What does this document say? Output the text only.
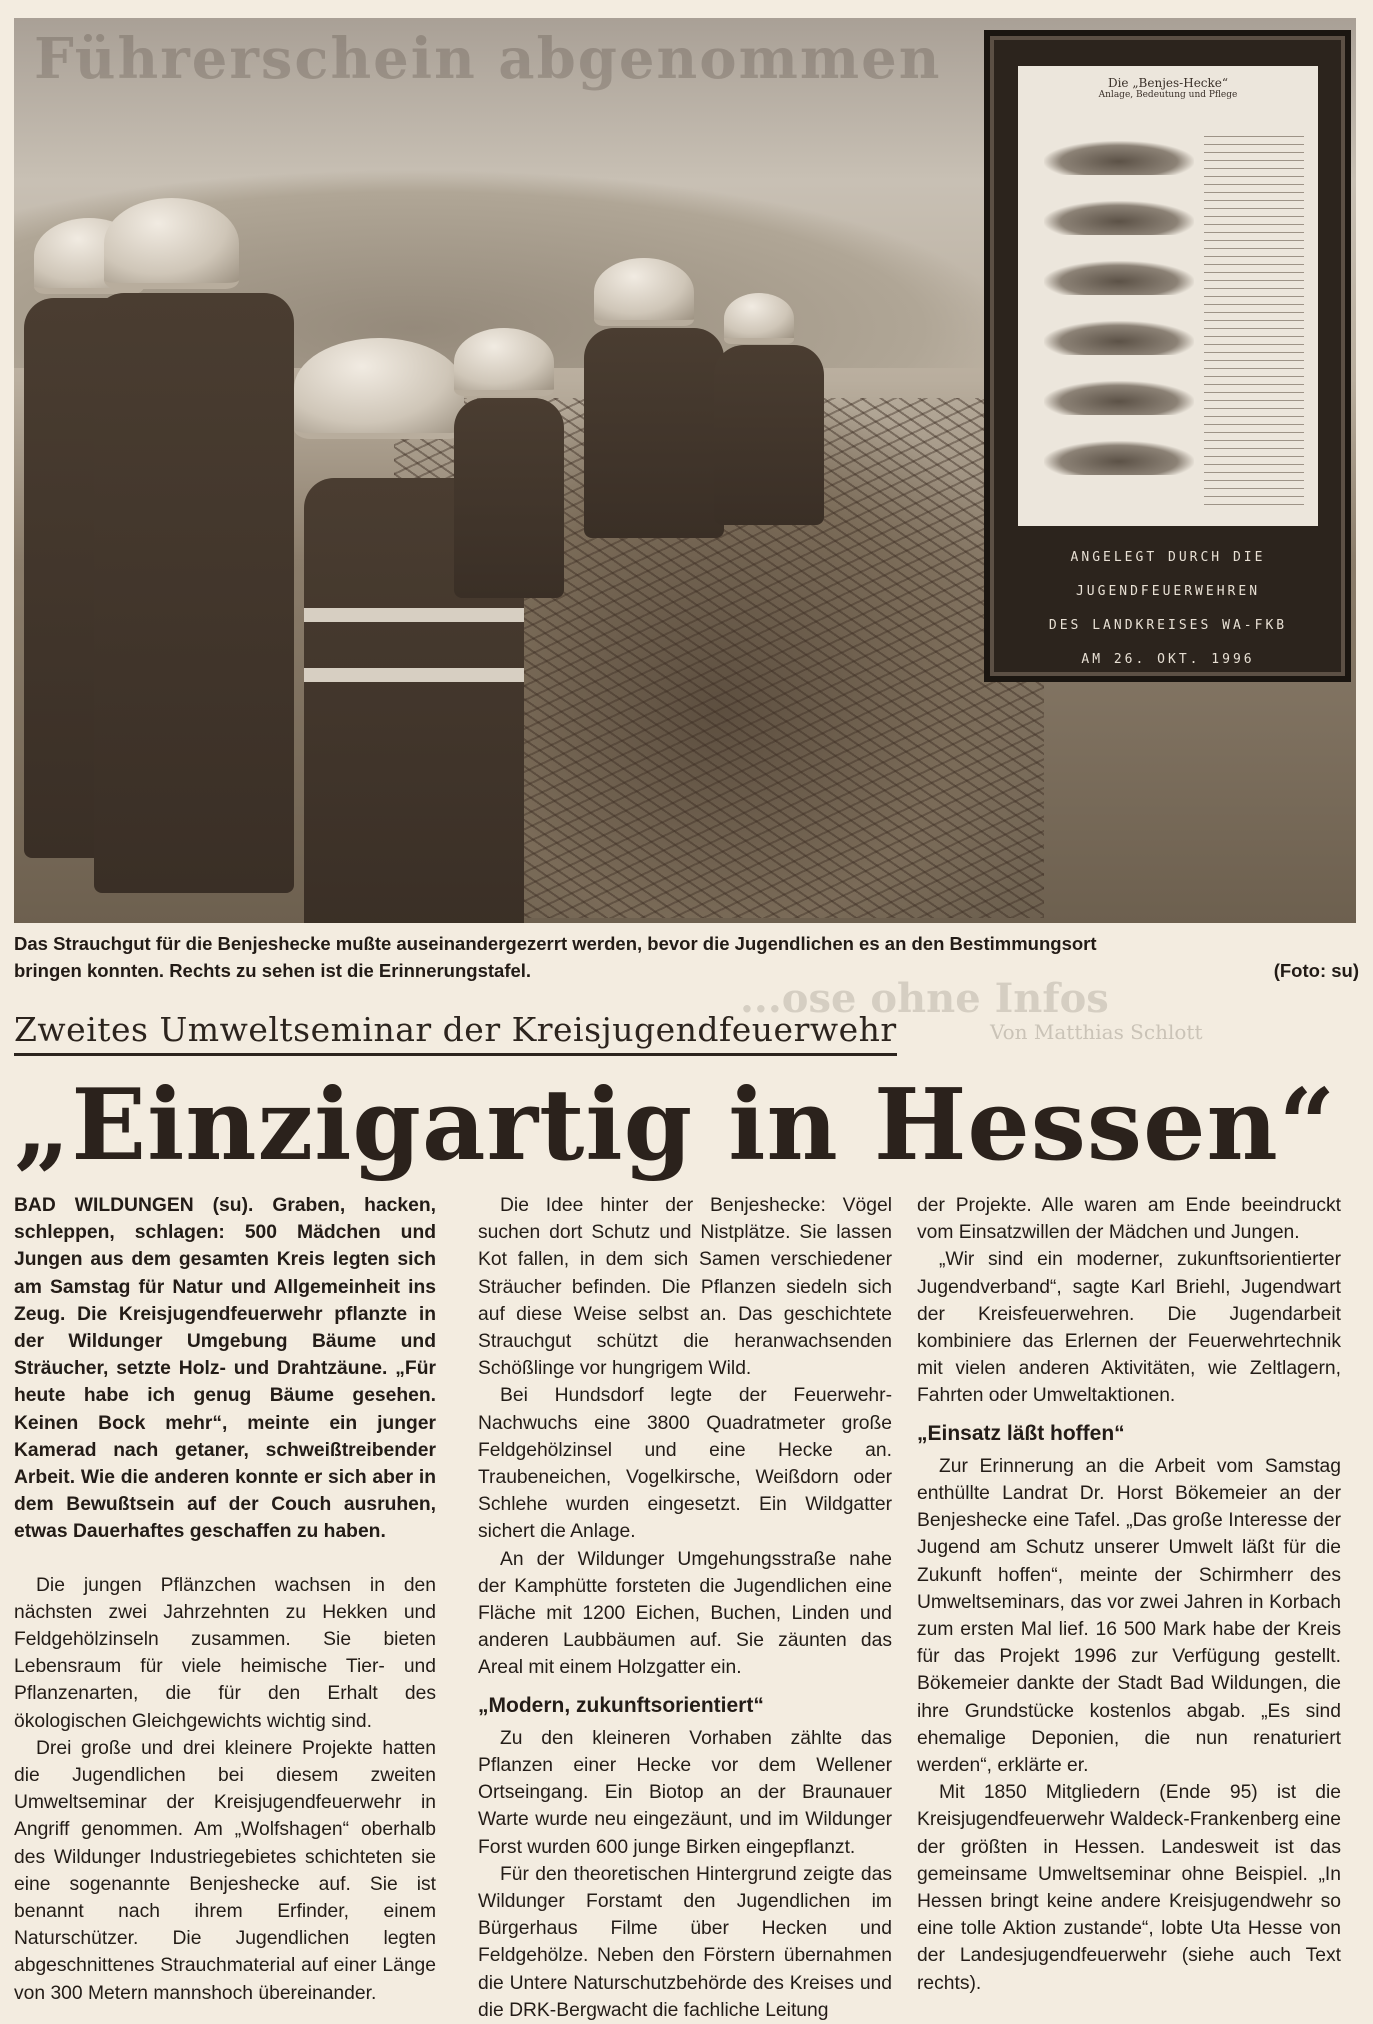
Führerschein abgenommen	Die „Benjes-Hecke“
Anlage, Bedeutung und Pflege
ANGELEGT DURCH DIE
JUGENDFEUERWEHREN
DES LANDKREISES WA-FKB
AM 26. OKT. 1996
Das Strauchgut für die Benjeshecke mußte auseinandergezerrt werden, bevor die Jugendlichen es an den Bestimmungsort
bringen konnten. Rechts zu sehen ist die Erinnerungstafel.	(Foto: su)
...ose ohne Infos
Von Matthias Schlott
Zweites Umweltseminar der Kreisjugendfeuerwehr
„Einzigartig in Hessen“

BAD WILDUNGEN (su). Graben, hacken, schleppen, schlagen: 500 Mädchen und Jungen aus dem gesamten Kreis legten sich am Samstag für Natur und Allgemeinheit ins Zeug. Die Kreisjugendfeuerwehr pflanzte in der Wildunger Umgebung Bäume und Sträucher, setzte Holz- und Drahtzäune. „Für heute habe ich genug Bäume gesehen. Keinen Bock mehr“, meinte ein junger Kamerad nach getaner, schweißtreibender Arbeit. Wie die anderen konnte er sich aber in dem Bewußtsein auf der Couch ausruhen, etwas Dauerhaftes geschaffen zu haben.

Die jungen Pflänzchen wachsen in den nächsten zwei Jahrzehnten zu Hekken und Feldgehölzinseln zusammen. Sie bieten Lebensraum für viele heimische Tier- und Pflanzenarten, die für den Erhalt des ökologischen Gleichgewichts wichtig sind.

Drei große und drei kleinere Projekte hatten die Jugendlichen bei diesem zweiten Umweltseminar der Kreisjugendfeuerwehr in Angriff genommen. Am „Wolfshagen“ oberhalb des Wildunger Industriegebietes schichteten sie eine sogenannte Benjeshecke auf. Sie ist benannt nach ihrem Erfinder, einem Naturschützer. Die Jugendlichen legten abgeschnittenes Strauchmaterial auf einer Länge von 300 Metern mannshoch übereinander.

Die Idee hinter der Benjeshecke: Vögel suchen dort Schutz und Nistplätze. Sie lassen Kot fallen, in dem sich Samen verschiedener Sträucher befinden. Die Pflanzen siedeln sich auf diese Weise selbst an. Das geschichtete Strauchgut schützt die heranwachsenden Schößlinge vor hungrigem Wild.

Bei Hundsdorf legte der Feuerwehr-Nachwuchs eine 3800 Quadratmeter große Feldgehölzinsel und eine Hecke an. Traubeneichen, Vogelkirsche, Weißdorn oder Schlehe wurden eingesetzt. Ein Wildgatter sichert die Anlage.

An der Wildunger Umgehungsstraße nahe der Kamphütte forsteten die Jugendlichen eine Fläche mit 1200 Eichen, Buchen, Linden und anderen Laubbäumen auf. Sie zäunten das Areal mit einem Holzgatter ein.

„Modern, zukunftsorientiert“

Zu den kleineren Vorhaben zählte das Pflanzen einer Hecke vor dem Wellener Ortseingang. Ein Biotop an der Braunauer Warte wurde neu eingezäunt, und im Wildunger Forst wurden 600 junge Birken eingepflanzt.

Für den theoretischen Hintergrund zeigte das Wildunger Forstamt den Jugendlichen im Bürgerhaus Filme über Hecken und Feldgehölze. Neben den Förstern übernahmen die Untere Naturschutzbehörde des Kreises und die DRK-Bergwacht die fachliche Leitung

der Projekte. Alle waren am Ende beeindruckt vom Einsatzwillen der Mädchen und Jungen.

„Wir sind ein moderner, zukunftsorientierter Jugendverband“, sagte Karl Briehl, Jugendwart der Kreisfeuerwehren. Die Jugendarbeit kombiniere das Erlernen der Feuerwehrtechnik mit vielen anderen Aktivitäten, wie Zeltlagern, Fahrten oder Umweltaktionen.

„Einsatz läßt hoffen“

Zur Erinnerung an die Arbeit vom Samstag enthüllte Landrat Dr. Horst Bökemeier an der Benjeshecke eine Tafel. „Das große Interesse der Jugend am Schutz unserer Umwelt läßt für die Zukunft hoffen“, meinte der Schirmherr des Umweltseminars, das vor zwei Jahren in Korbach zum ersten Mal lief. 16 500 Mark habe der Kreis für das Projekt 1996 zur Verfügung gestellt. Bökemeier dankte der Stadt Bad Wildungen, die ihre Grundstücke kostenlos abgab. „Es sind ehemalige Deponien, die nun renaturiert werden“, erklärte er.

Mit 1850 Mitgliedern (Ende 95) ist die Kreisjugendfeuerwehr Waldeck-Frankenberg eine der größten in Hessen. Landesweit ist das gemeinsame Umweltseminar ohne Beispiel. „In Hessen bringt keine andere Kreisjugendwehr so eine tolle Aktion zustande“, lobte Uta Hesse von der Landesjugendfeuerwehr (siehe auch Text rechts).
